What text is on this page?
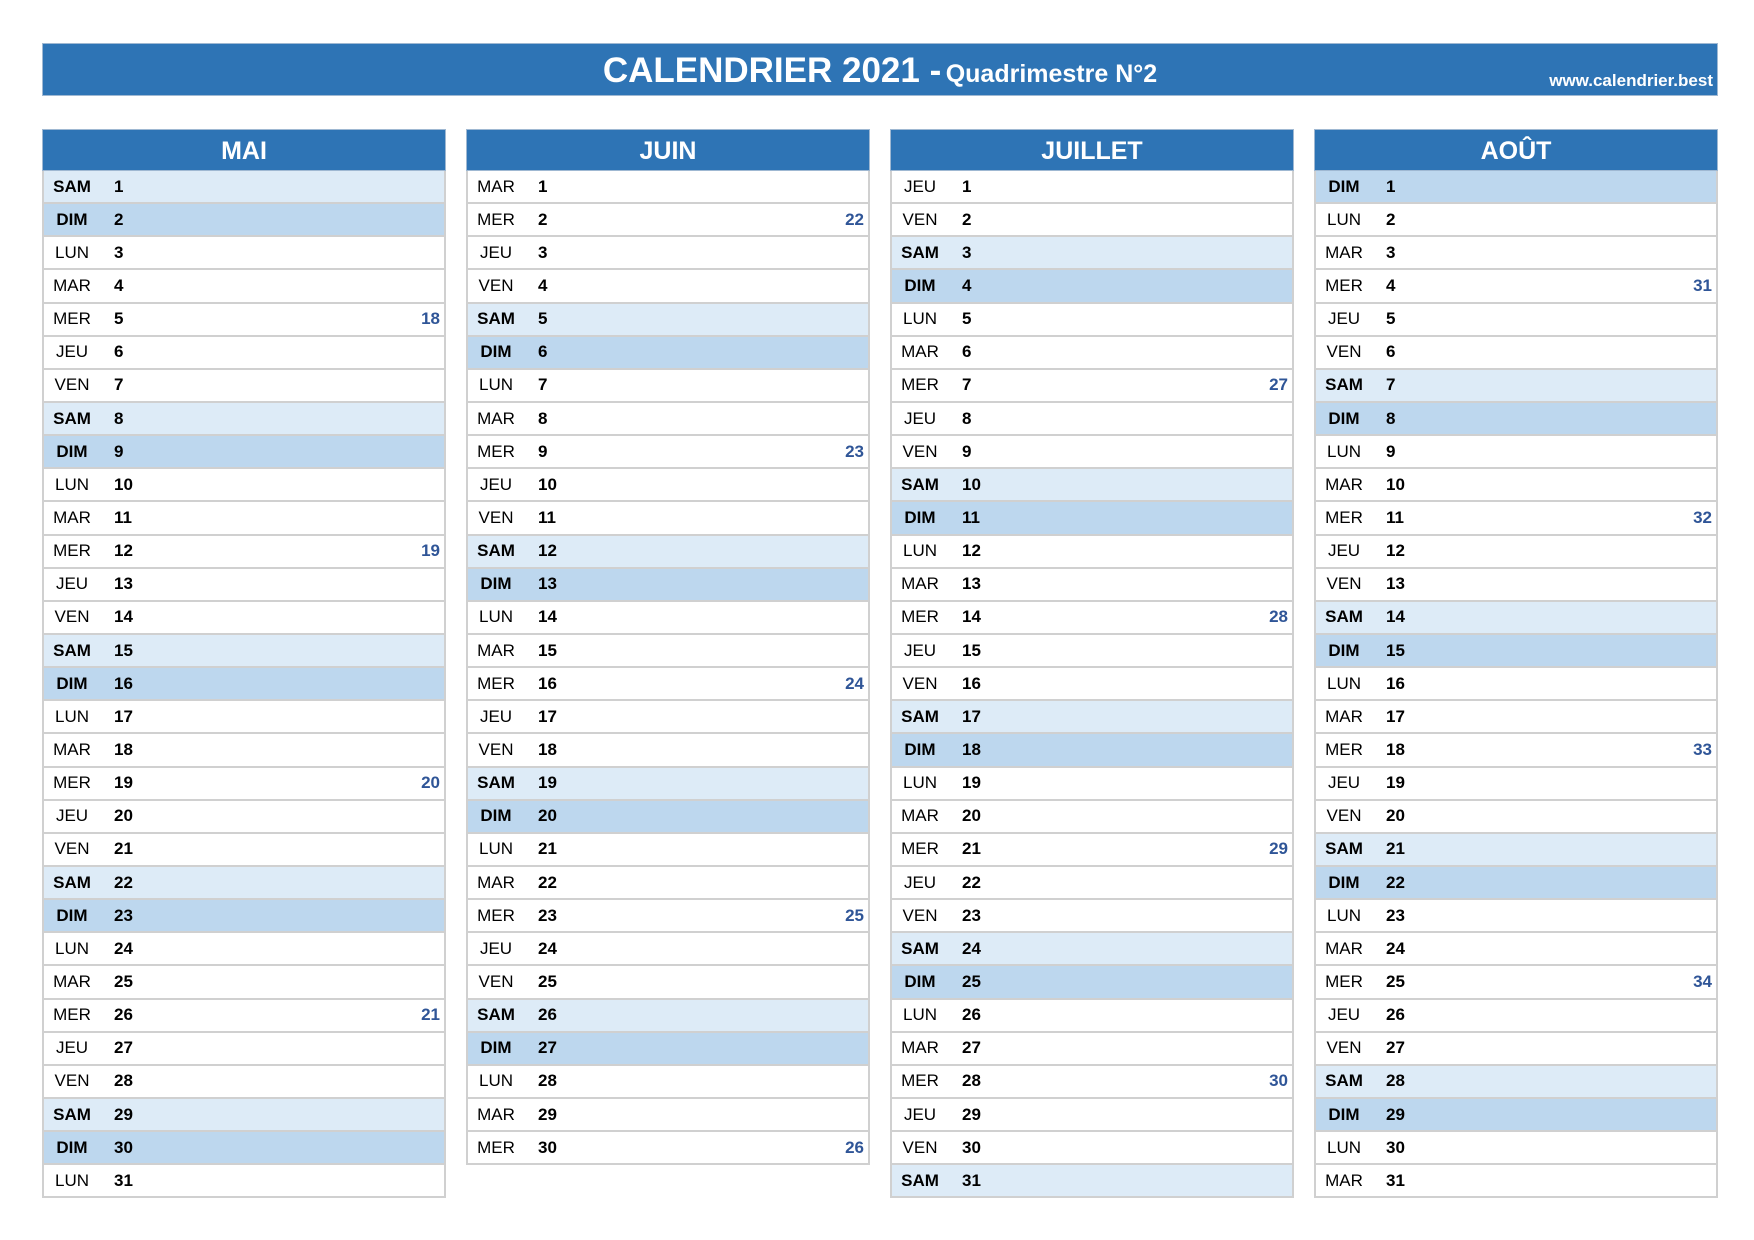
CALENDRIER 2021 - Quadrimestre N°2	www.calendrier.best
MAI
SAM	1
DIM	2
LUN	3
MAR	4
MER	5	18
JEU	6
VEN	7
SAM	8
DIM	9
LUN	10
MAR	11
MER	12	19
JEU	13
VEN	14
SAM	15
DIM	16
LUN	17
MAR	18
MER	19	20
JEU	20
VEN	21
SAM	22
DIM	23
LUN	24
MAR	25
MER	26	21
JEU	27
VEN	28
SAM	29
DIM	30
LUN	31
JUIN
MAR	1
MER	2	22
JEU	3
VEN	4
SAM	5
DIM	6
LUN	7
MAR	8
MER	9	23
JEU	10
VEN	11
SAM	12
DIM	13
LUN	14
MAR	15
MER	16	24
JEU	17
VEN	18
SAM	19
DIM	20
LUN	21
MAR	22
MER	23	25
JEU	24
VEN	25
SAM	26
DIM	27
LUN	28
MAR	29
MER	30	26
JUILLET
JEU	1
VEN	2
SAM	3
DIM	4
LUN	5
MAR	6
MER	7	27
JEU	8
VEN	9
SAM	10
DIM	11
LUN	12
MAR	13
MER	14	28
JEU	15
VEN	16
SAM	17
DIM	18
LUN	19
MAR	20
MER	21	29
JEU	22
VEN	23
SAM	24
DIM	25
LUN	26
MAR	27
MER	28	30
JEU	29
VEN	30
SAM	31
AOÛT
DIM	1
LUN	2
MAR	3
MER	4	31
JEU	5
VEN	6
SAM	7
DIM	8
LUN	9
MAR	10
MER	11	32
JEU	12
VEN	13
SAM	14
DIM	15
LUN	16
MAR	17
MER	18	33
JEU	19
VEN	20
SAM	21
DIM	22
LUN	23
MAR	24
MER	25	34
JEU	26
VEN	27
SAM	28
DIM	29
LUN	30
MAR	31
